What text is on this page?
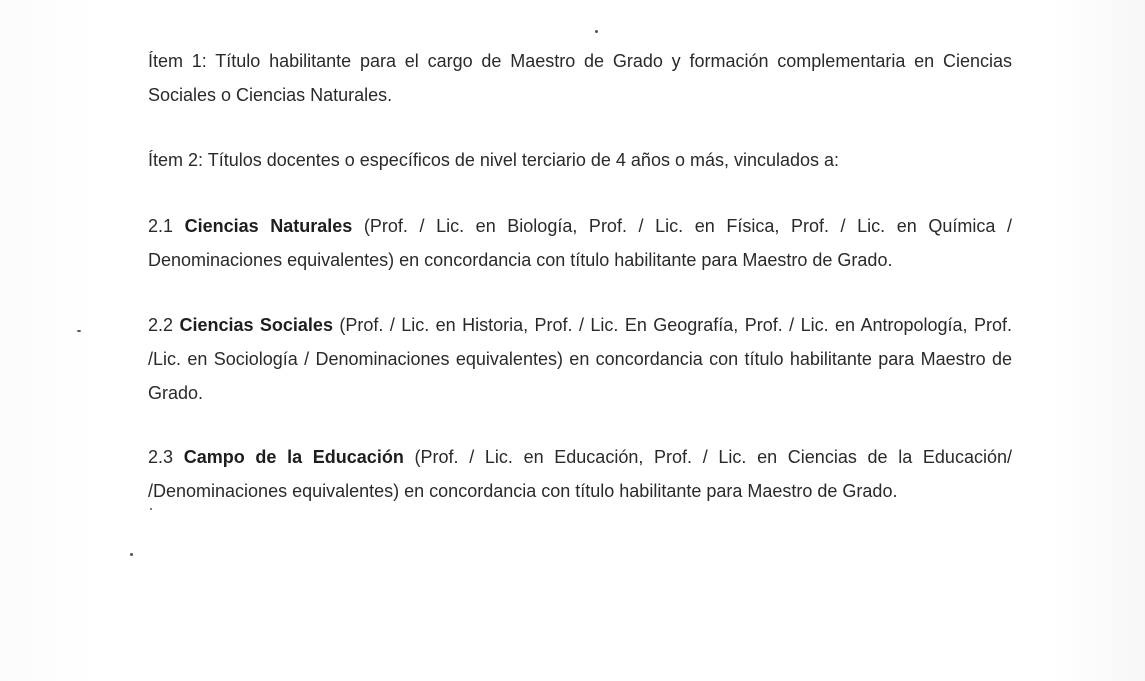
Ítem 1: Título habilitante para el cargo de Maestro de Grado y formación complementaria en Ciencias Sociales o Ciencias Naturales.

Ítem 2: Títulos docentes o específicos de nivel terciario de 4 años o más, vinculados a:

2.1 Ciencias Naturales (Prof. / Lic. en Biología, Prof. / Lic. en Física, Prof. / Lic. en Química / Denominaciones equivalentes) en concordancia con título habilitante para Maestro de Grado.

2.2 Ciencias Sociales (Prof. / Lic. en Historia, Prof. / Lic. En Geografía, Prof. / Lic. en Antropología, Prof. /Lic. en Sociología / Denominaciones equivalentes) en concordancia con título habilitante para Maestro de Grado.

2.3 Campo de la Educación (Prof. / Lic. en Educación, Prof. / Lic. en Ciencias de la Educación/ /Denominaciones equivalentes) en concordancia con título habilitante para Maestro de Grado.
